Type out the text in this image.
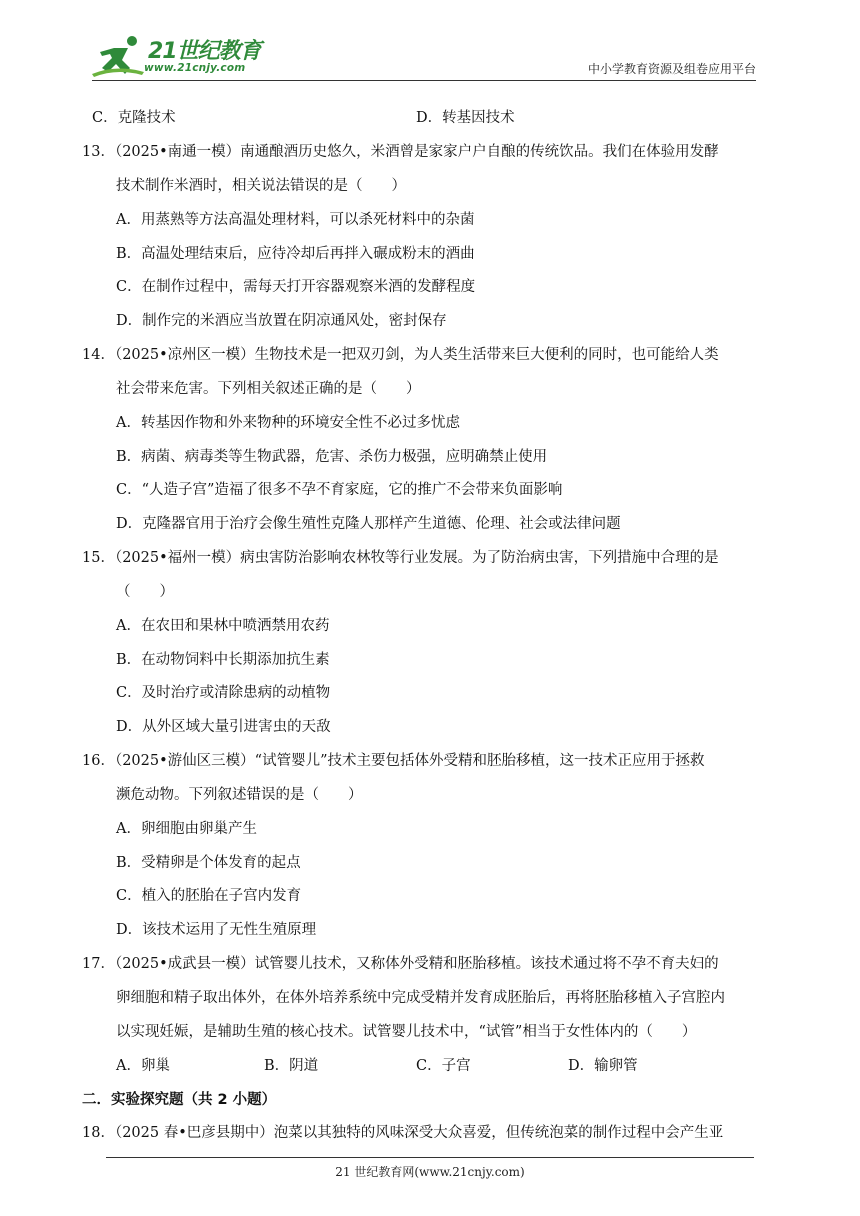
21世纪教育
www.21cnjy.com	中小学教育资源及组卷应用平台
C．克隆技术	D．转基因技术
13．（2025•南通一模）南通酿酒历史悠久，米酒曾是家家户户自酿的传统饮品。我们在体验用发酵
技术制作米酒时，相关说法错误的是（　　）
A．用蒸熟等方法高温处理材料，可以杀死材料中的杂菌
B．高温处理结束后，应待冷却后再拌入碾成粉末的酒曲
C．在制作过程中，需每天打开容器观察米酒的发酵程度
D．制作完的米酒应当放置在阴凉通风处，密封保存
14．（2025•凉州区一模）生物技术是一把双刃剑，为人类生活带来巨大便利的同时，也可能给人类
社会带来危害。下列相关叙述正确的是（　　）
A．转基因作物和外来物种的环境安全性不必过多忧虑
B．病菌、病毒类等生物武器，危害、杀伤力极强，应明确禁止使用
C．“人造子宫”造福了很多不孕不育家庭，它的推广不会带来负面影响
D．克隆器官用于治疗会像生殖性克隆人那样产生道德、伦理、社会或法律问题
15．（2025•福州一模）病虫害防治影响农林牧等行业发展。为了防治病虫害，下列措施中合理的是
（　　）
A．在农田和果林中喷洒禁用农药
B．在动物饲料中长期添加抗生素
C．及时治疗或清除患病的动植物
D．从外区域大量引进害虫的天敌
16．（2025•游仙区三模）“试管婴儿”技术主要包括体外受精和胚胎移植，这一技术正应用于拯救
濒危动物。下列叙述错误的是（　　）
A．卵细胞由卵巢产生
B．受精卵是个体发育的起点
C．植入的胚胎在子宫内发育
D．该技术运用了无性生殖原理
17．（2025•成武县一模）试管婴儿技术，又称体外受精和胚胎移植。该技术通过将不孕不育夫妇的
卵细胞和精子取出体外，在体外培养系统中完成受精并发育成胚胎后，再将胚胎移植入子宫腔内
以实现妊娠，是辅助生殖的核心技术。试管婴儿技术中，“试管”相当于女性体内的（　　）
A．卵巢	B．阴道	C．子宫	D．输卵管
二．实验探究题（共 2 小题）
18．（2025 春•巴彦县期中）泡菜以其独特的风味深受大众喜爱，但传统泡菜的制作过程中会产生亚
21 世纪教育网(www.21cnjy.com)
